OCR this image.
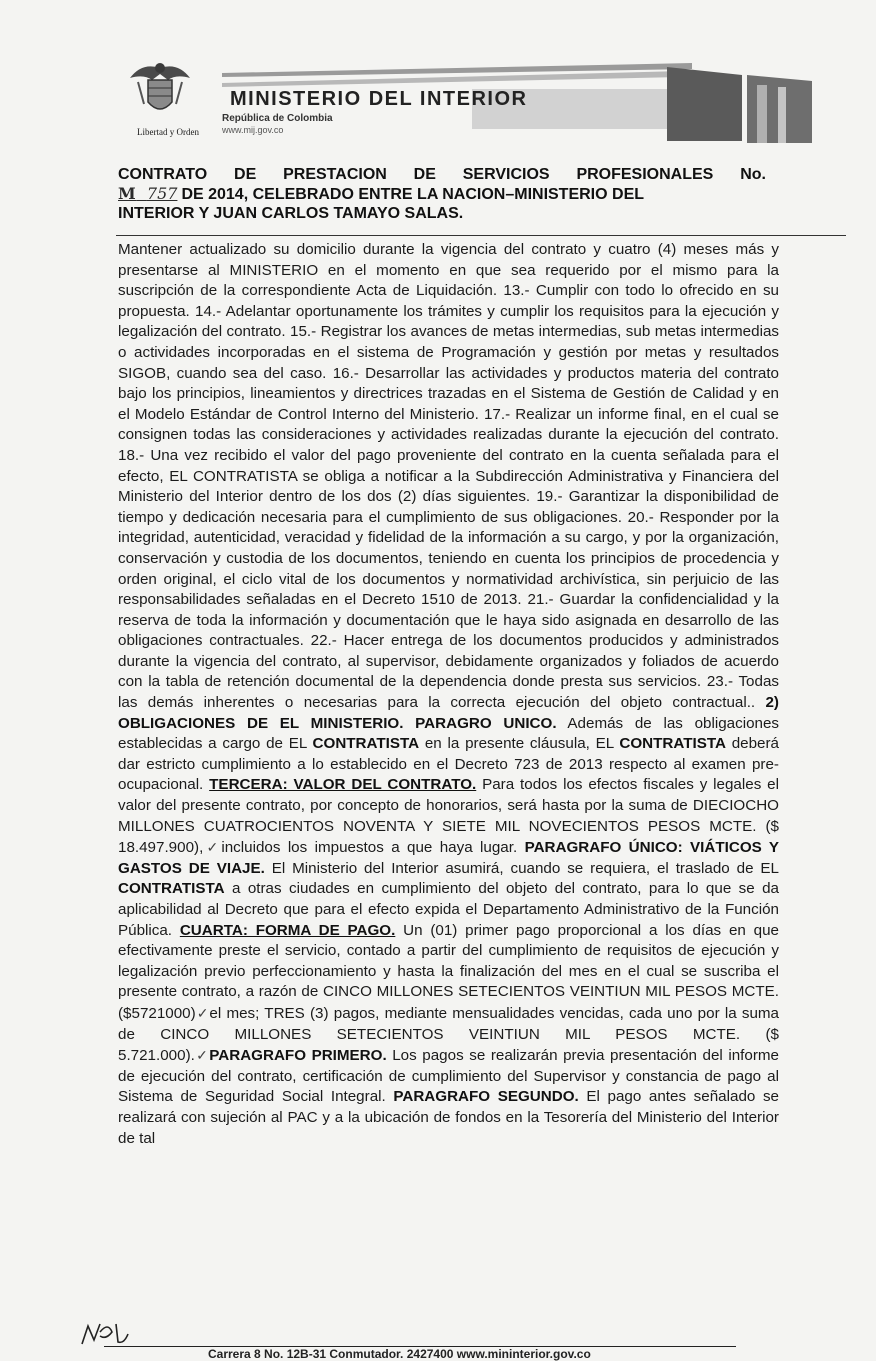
Libertad y Orden
MINISTERIO DEL INTERIOR
República de Colombia
www.mij.gov.co
CONTRATO DE PRESTACION DE SERVICIOS PROFESIONALES No.
M 757 DE 2014, CELEBRADO ENTRE LA NACION–MINISTERIO DEL
INTERIOR Y JUAN CARLOS TAMAYO SALAS.
Mantener actualizado su domicilio durante la vigencia del contrato y cuatro (4) meses más y presentarse al MINISTERIO en el momento en que sea requerido por el mismo para la suscripción de la correspondiente Acta de Liquidación. 13.- Cumplir con todo lo ofrecido en su propuesta. 14.- Adelantar oportunamente los trámites y cumplir los requisitos para la ejecución y legalización del contrato. 15.- Registrar los avances de metas intermedias, sub metas intermedias o actividades incorporadas en el sistema de Programación y gestión por metas y resultados SIGOB, cuando sea del caso. 16.- Desarrollar las actividades y productos materia del contrato bajo los principios, lineamientos y directrices trazadas en el Sistema de Gestión de Calidad y en el Modelo Estándar de Control Interno del Ministerio. 17.- Realizar un informe final, en el cual se consignen todas las consideraciones y actividades realizadas durante la ejecución del contrato. 18.- Una vez recibido el valor del pago proveniente del contrato en la cuenta señalada para el efecto, EL CONTRATISTA se obliga a notificar a la Subdirección Administrativa y Financiera del Ministerio del Interior dentro de los dos (2) días siguientes. 19.- Garantizar la disponibilidad de tiempo y dedicación necesaria para el cumplimiento de sus obligaciones. 20.- Responder por la integridad, autenticidad, veracidad y fidelidad de la información a su cargo, y por la organización, conservación y custodia de los documentos, teniendo en cuenta los principios de procedencia y orden original, el ciclo vital de los documentos y normatividad archivística, sin perjuicio de las responsabilidades señaladas en el Decreto 1510 de 2013. 21.- Guardar la confidencialidad y la reserva de toda la información y documentación que le haya sido asignada en desarrollo de las obligaciones contractuales. 22.- Hacer entrega de los documentos producidos y administrados durante la vigencia del contrato, al supervisor, debidamente organizados y foliados de acuerdo con la tabla de retención documental de la dependencia donde presta sus servicios. 23.- Todas las demás inherentes o necesarias para la correcta ejecución del objeto contractual.. 2) OBLIGACIONES DE EL MINISTERIO. PARAGRO UNICO. Además de las obligaciones establecidas a cargo de EL CONTRATISTA en la presente cláusula, EL CONTRATISTA deberá dar estricto cumplimiento a lo establecido en el Decreto 723 de 2013 respecto al examen pre-ocupacional. TERCERA: VALOR DEL CONTRATO. Para todos los efectos fiscales y legales el valor del presente contrato, por concepto de honorarios, será hasta por la suma de DIECIOCHO MILLONES CUATROCIENTOS NOVENTA Y SIETE MIL NOVECIENTOS PESOS MCTE. ($ 18.497.900),✓incluidos los impuestos a que haya lugar. PARAGRAFO ÚNICO: VIÁTICOS Y GASTOS DE VIAJE. El Ministerio del Interior asumirá, cuando se requiera, el traslado de EL CONTRATISTA a otras ciudades en cumplimiento del objeto del contrato, para lo que se da aplicabilidad al Decreto que para el efecto expida el Departamento Administrativo de la Función Pública. CUARTA: FORMA DE PAGO. Un (01) primer pago proporcional a los días en que efectivamente preste el servicio, contado a partir del cumplimiento de requisitos de ejecución y legalización previo perfeccionamiento y hasta la finalización del mes en el cual se suscriba el presente contrato, a razón de CINCO MILLONES SETECIENTOS VEINTIUN MIL PESOS MCTE. ($5721000)✓el mes; TRES (3) pagos, mediante mensualidades vencidas, cada uno por la suma de CINCO MILLONES SETECIENTOS VEINTIUN MIL PESOS MCTE. ($ 5.721.000).✓PARAGRAFO PRIMERO. Los pagos se realizarán previa presentación del informe de ejecución del contrato, certificación de cumplimiento del Supervisor y constancia de pago al Sistema de Seguridad Social Integral. PARAGRAFO SEGUNDO. El pago antes señalado se realizará con sujeción al PAC y a la ubicación de fondos en la Tesorería del Ministerio del Interior de tal
Carrera 8 No. 12B-31 Conmutador. 2427400 www.mininterior.gov.co
